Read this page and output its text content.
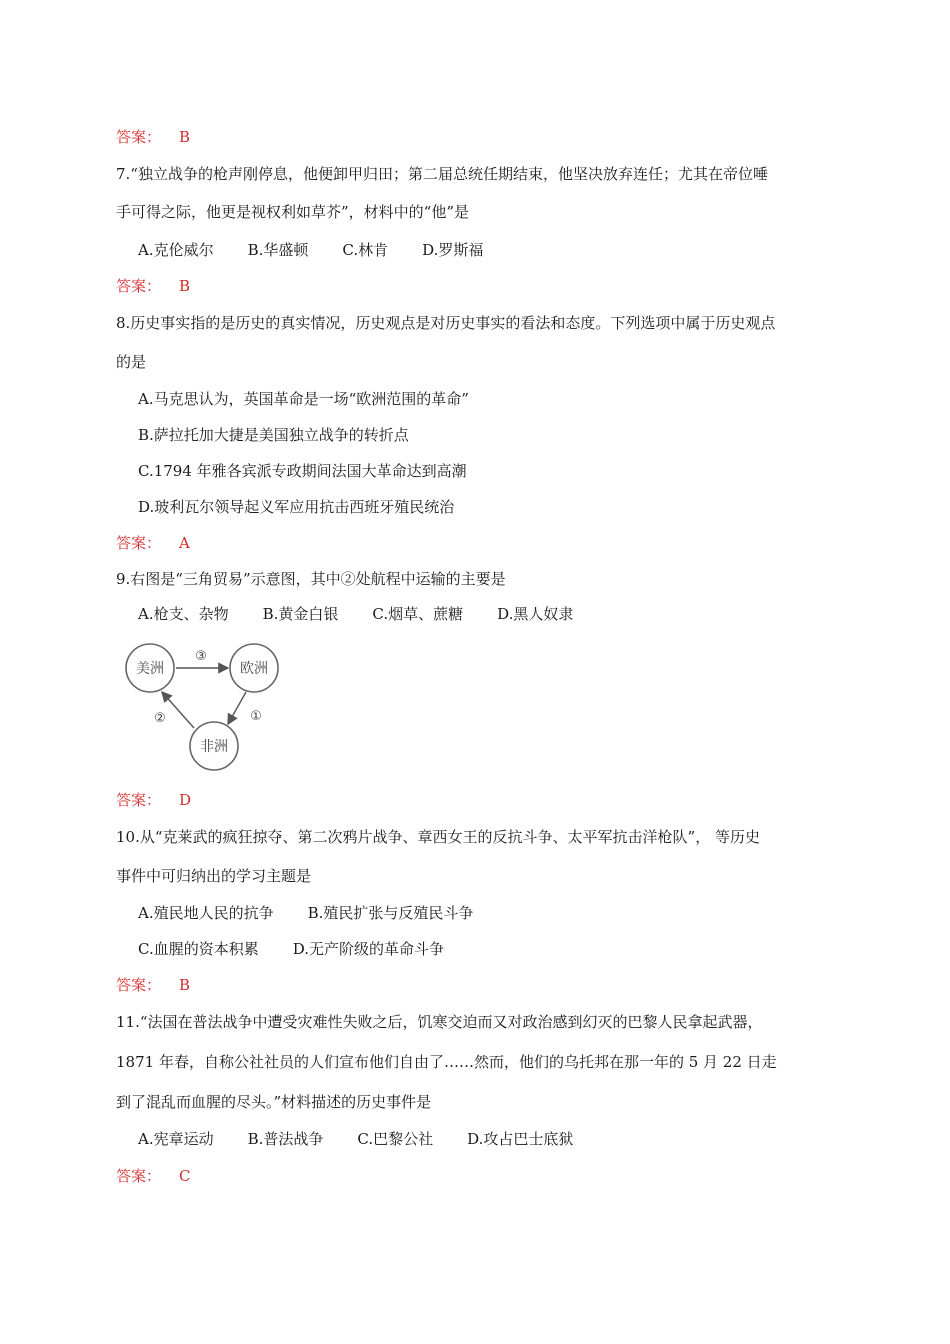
答案： B
7.“独立战争的枪声刚停息，他便卸甲归田；第二届总统任期结束，他坚决放弃连任；尤其在帝位唾
手可得之际，他更是视权利如草芥”，材料中的“他”是
A.克伦威尔 B.华盛顿 C.林肯 D.罗斯福
答案： B
8.历史事实指的是历史的真实情况，历史观点是对历史事实的看法和态度。下列选项中属于历史观点
的是
A.马克思认为，英国革命是一场“欧洲范围的革命”
B.萨拉托加大捷是美国独立战争的转折点
C.1794 年雅各宾派专政期间法国大革命达到高潮
D.玻利瓦尔领导起义军应用抗击西班牙殖民统治
答案： A
9.右图是“三角贸易”示意图，其中②处航程中运输的主要是
A.枪支、杂物 B.黄金白银 C.烟草、蔗糖 D.黑人奴隶
美洲	欧洲
非洲
③
①
②
答案： D
10.从“克莱武的疯狂掠夺、第二次鸦片战争、章西女王的反抗斗争、太平军抗击洋枪队”， 等历史
事件中可归纳出的学习主题是
A.殖民地人民的抗争 B.殖民扩张与反殖民斗争
C.血腥的资本积累 D.无产阶级的革命斗争
答案： B
11.“法国在普法战争中遭受灾难性失败之后，饥寒交迫而又对政治感到幻灭的巴黎人民拿起武器，
1871 年春，自称公社社员的人们宣布他们自由了……然而，他们的乌托邦在那一年的 5 月 22 日走
到了混乱而血腥的尽头。”材料描述的历史事件是
A.宪章运动 B.普法战争 C.巴黎公社 D.攻占巴士底狱
答案： C
